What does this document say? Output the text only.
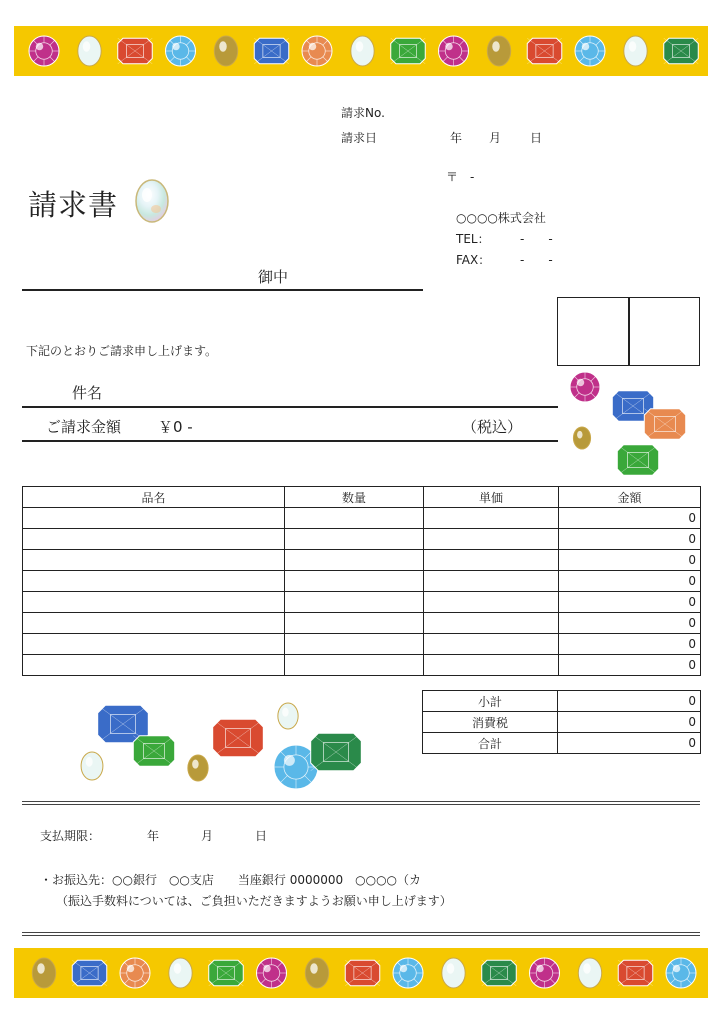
請求No.
請求日	年 月 日
請求書
〒　-
○○○○株式会社
TEL：	-　　-
FAX： -　　-
御中
下記のとおりご請求申し上げます。
件名
ご請求金額 ￥0 -	（税込）
品名	数量	単価	金額
			0
			0
			0
			0
			0
			0
			0
			0
小計	0
消費税	0
合計	0
支払期限：	年	月	日
・お振込先：○○銀行　○○支店　　当座銀行 0000000　○○○○（カ
（振込手数料については、ご負担いただきますようお願い申し上げます）
